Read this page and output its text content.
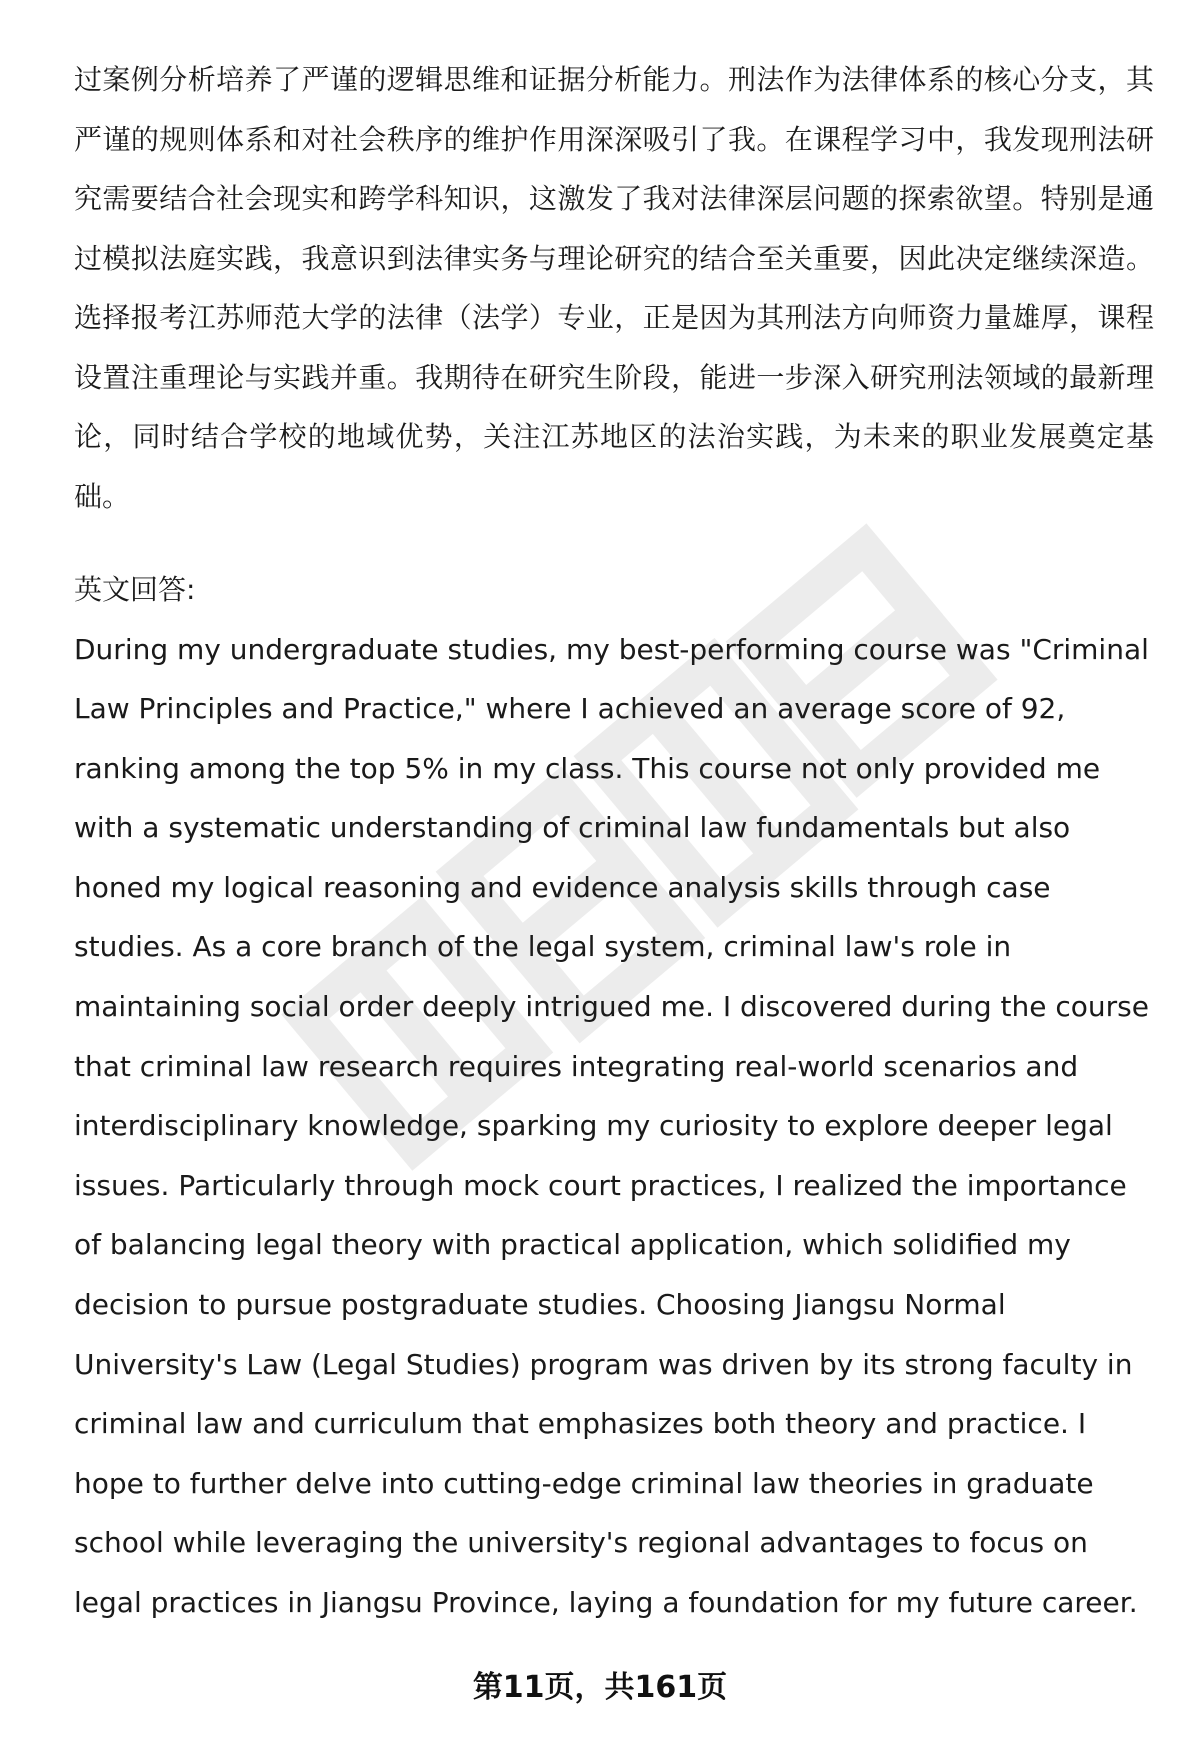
过案例分析培养了严谨的逻辑思维和证据分析能力。刑法作为法律体系的核心分支，其严谨的规则体系和对社会秩序的维护作用深深吸引了我。在课程学习中，我发现刑法研究需要结合社会现实和跨学科知识，这激发了我对法律深层问题的探索欲望。特别是通过模拟法庭实践，我意识到法律实务与理论研究的结合至关重要，因此决定继续深造。选择报考江苏师范大学的法律（法学）专业，正是因为其刑法方向师资力量雄厚，课程设置注重理论与实践并重。我期待在研究生阶段，能进一步深入研究刑法领域的最新理论，同时结合学校的地域优势，关注江苏地区的法治实践，为未来的职业发展奠定基础。

英文回答:

During my undergraduate studies, my best-performing course was "Criminal Law Principles and Practice," where I achieved an average score of 92, ranking among the top 5% in my class. This course not only provided me with a systematic understanding of criminal law fundamentals but also honed my logical reasoning and evidence analysis skills through case studies. As a core branch of the legal system, criminal law's role in maintaining social order deeply intrigued me. I discovered during the course that criminal law research requires integrating real-world scenarios and interdisciplinary knowledge, sparking my curiosity to explore deeper legal issues. Particularly through mock court practices, I realized the importance of balancing legal theory with practical application, which solidified my decision to pursue postgraduate studies. Choosing Jiangsu Normal University's Law (Legal Studies) program was driven by its strong faculty in criminal law and curriculum that emphasizes both theory and practice. I hope to further delve into cutting-edge criminal law theories in graduate school while leveraging the university's regional advantages to focus on legal practices in Jiangsu Province, laying a foundation for my future career.

第11页，共161页
